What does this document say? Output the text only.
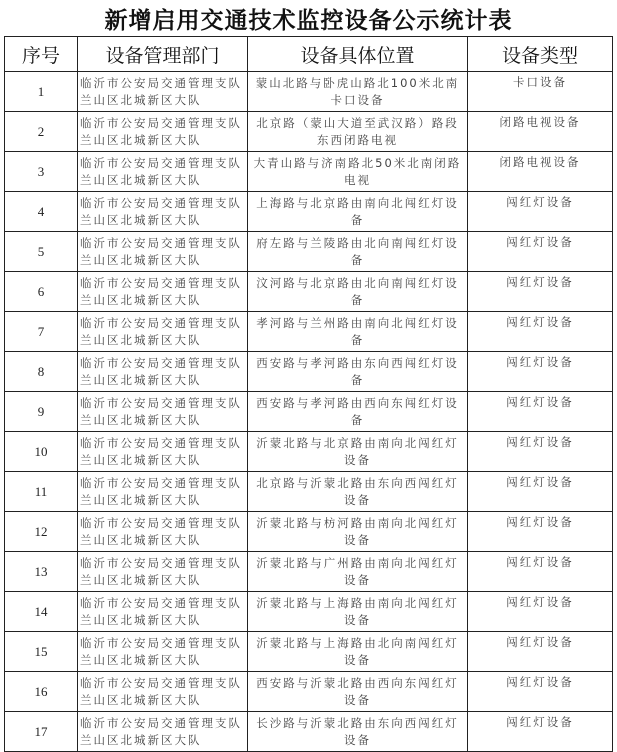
新增启用交通技术监控设备公示统计表
序号	设备管理部门	设备具体位置	设备类型
1	临沂市公安局交通管理支队兰山区北城新区大队	蒙山北路与卧虎山路北100米北南卡口设备	卡口设备
2	临沂市公安局交通管理支队兰山区北城新区大队	北京路（蒙山大道至武汉路）路段东西闭路电视	闭路电视设备
3	临沂市公安局交通管理支队兰山区北城新区大队	大青山路与济南路北50米北南闭路电视	闭路电视设备
4	临沂市公安局交通管理支队兰山区北城新区大队	上海路与北京路由南向北闯红灯设备	闯红灯设备
5	临沂市公安局交通管理支队兰山区北城新区大队	府左路与兰陵路由北向南闯红灯设备	闯红灯设备
6	临沂市公安局交通管理支队兰山区北城新区大队	汶河路与北京路由北向南闯红灯设备	闯红灯设备
7	临沂市公安局交通管理支队兰山区北城新区大队	孝河路与兰州路由南向北闯红灯设备	闯红灯设备
8	临沂市公安局交通管理支队兰山区北城新区大队	西安路与孝河路由东向西闯红灯设备	闯红灯设备
9	临沂市公安局交通管理支队兰山区北城新区大队	西安路与孝河路由西向东闯红灯设备	闯红灯设备
10	临沂市公安局交通管理支队兰山区北城新区大队	沂蒙北路与北京路由南向北闯红灯设备	闯红灯设备
11	临沂市公安局交通管理支队兰山区北城新区大队	北京路与沂蒙北路由东向西闯红灯设备	闯红灯设备
12	临沂市公安局交通管理支队兰山区北城新区大队	沂蒙北路与枋河路由南向北闯红灯设备	闯红灯设备
13	临沂市公安局交通管理支队兰山区北城新区大队	沂蒙北路与广州路由南向北闯红灯设备	闯红灯设备
14	临沂市公安局交通管理支队兰山区北城新区大队	沂蒙北路与上海路由南向北闯红灯设备	闯红灯设备
15	临沂市公安局交通管理支队兰山区北城新区大队	沂蒙北路与上海路由北向南闯红灯设备	闯红灯设备
16	临沂市公安局交通管理支队兰山区北城新区大队	西安路与沂蒙北路由西向东闯红灯设备	闯红灯设备
17	临沂市公安局交通管理支队兰山区北城新区大队	长沙路与沂蒙北路由东向西闯红灯设备	闯红灯设备
